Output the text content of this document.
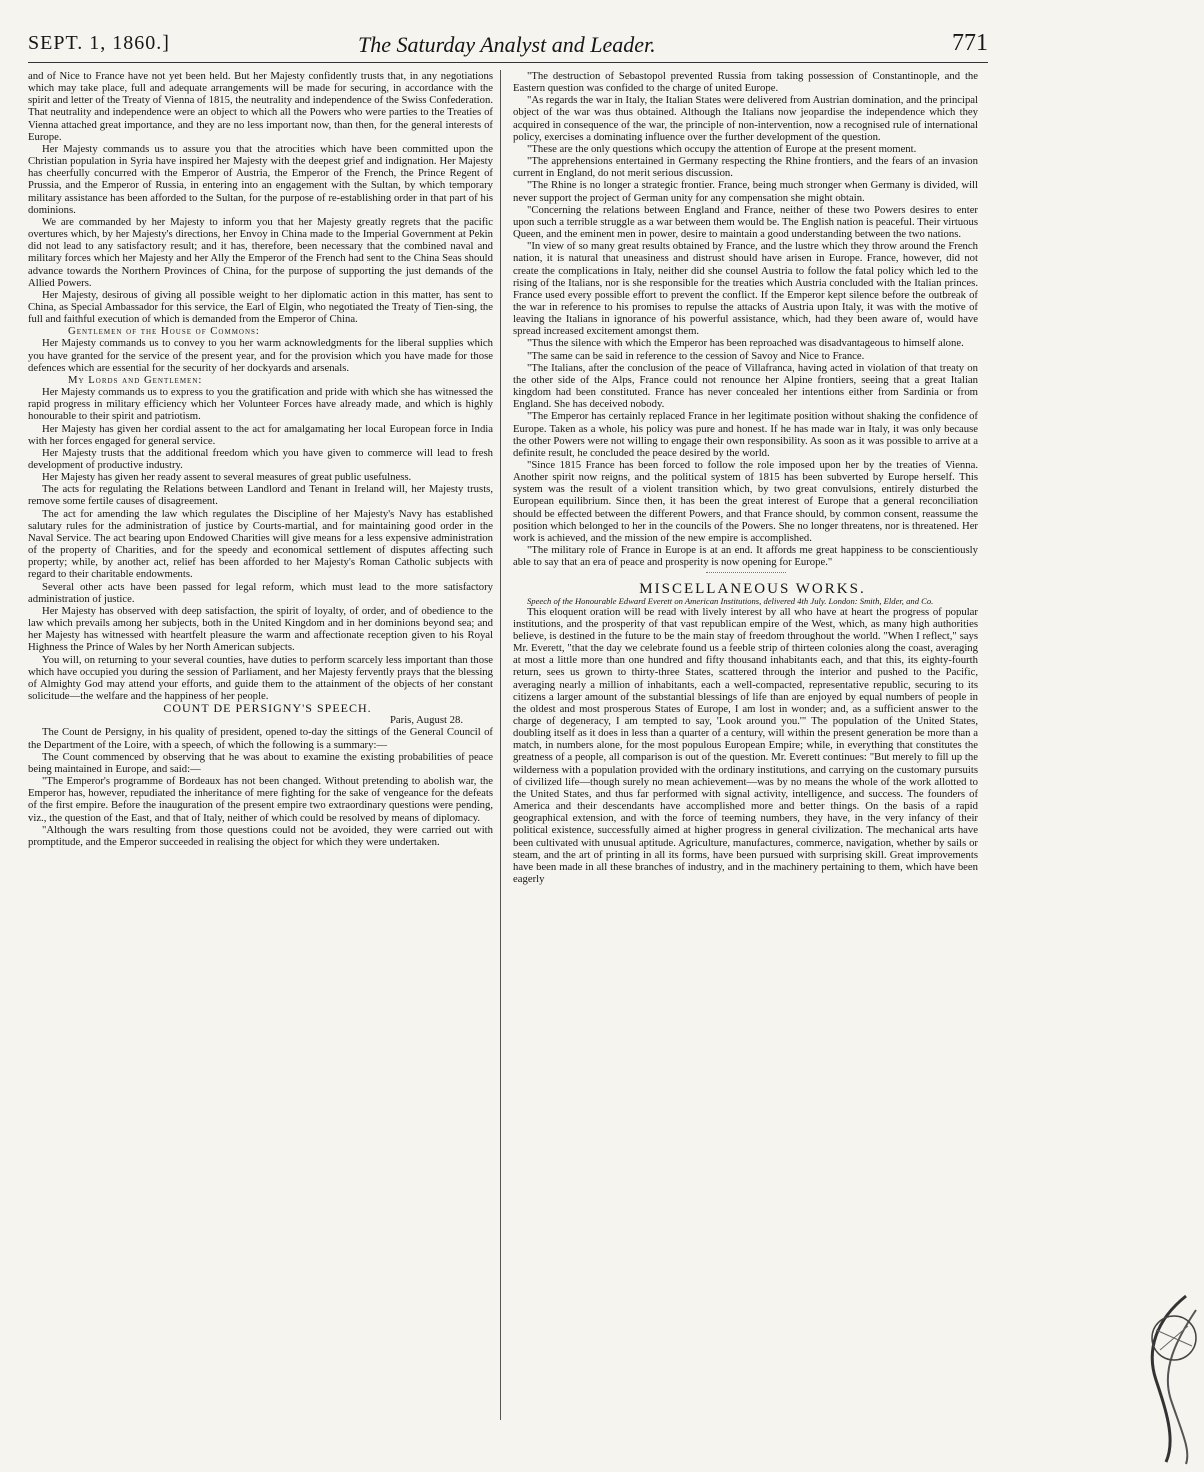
SEPT. 1, 1860.]	The Saturday Analyst and Leader.	771

and of Nice to France have not yet been held. But her Majesty confidently trusts that, in any negotiations which may take place, full and adequate arrangements will be made for securing, in accordance with the spirit and letter of the Treaty of Vienna of 1815, the neutrality and independence of the Swiss Confederation. That neutrality and independence were an object to which all the Powers who were parties to the Treaties of Vienna attached great importance, and they are no less important now, than then, for the general interests of Europe.

Her Majesty commands us to assure you that the atrocities which have been committed upon the Christian population in Syria have inspired her Majesty with the deepest grief and indignation. Her Majesty has cheerfully concurred with the Emperor of Austria, the Emperor of the French, the Prince Regent of Prussia, and the Emperor of Russia, in entering into an engagement with the Sultan, by which temporary military assistance has been afforded to the Sultan, for the purpose of re-establishing order in that part of his dominions.

We are commanded by her Majesty to inform you that her Majesty greatly regrets that the pacific overtures which, by her Majesty's directions, her Envoy in China made to the Imperial Government at Pekin did not lead to any satisfactory result; and it has, therefore, been necessary that the combined naval and military forces which her Majesty and her Ally the Emperor of the French had sent to the China Seas should advance towards the Northern Provinces of China, for the purpose of supporting the just demands of the Allied Powers.

Her Majesty, desirous of giving all possible weight to her diplomatic action in this matter, has sent to China, as Special Ambassador for this service, the Earl of Elgin, who negotiated the Treaty of Tien-sing, the full and faithful execution of which is demanded from the Emperor of China.

Gentlemen of the House of Commons:

Her Majesty commands us to convey to you her warm acknowledgments for the liberal supplies which you have granted for the service of the present year, and for the provision which you have made for those defences which are essential for the security of her dockyards and arsenals.

My Lords and Gentlemen:

Her Majesty commands us to express to you the gratification and pride with which she has witnessed the rapid progress in military efficiency which her Volunteer Forces have already made, and which is highly honourable to their spirit and patriotism.

Her Majesty has given her cordial assent to the act for amalgamating her local European force in India with her forces engaged for general service.

Her Majesty trusts that the additional freedom which you have given to commerce will lead to fresh development of productive industry.

Her Majesty has given her ready assent to several measures of great public usefulness.

The acts for regulating the Relations between Landlord and Tenant in Ireland will, her Majesty trusts, remove some fertile causes of disagreement.

The act for amending the law which regulates the Discipline of her Majesty's Navy has established salutary rules for the administration of justice by Courts-martial, and for maintaining good order in the Naval Service. The act bearing upon Endowed Charities will give means for a less expensive administration of the property of Charities, and for the speedy and economical settlement of disputes affecting such property; while, by another act, relief has been afforded to her Majesty's Roman Catholic subjects with regard to their charitable endowments.

Several other acts have been passed for legal reform, which must lead to the more satisfactory administration of justice.

Her Majesty has observed with deep satisfaction, the spirit of loyalty, of order, and of obedience to the law which prevails among her subjects, both in the United Kingdom and in her dominions beyond sea; and her Majesty has witnessed with heartfelt pleasure the warm and affectionate reception given to his Royal Highness the Prince of Wales by her North American subjects.

You will, on returning to your several counties, have duties to perform scarcely less important than those which have occupied you during the session of Parliament, and her Majesty fervently prays that the blessing of Almighty God may attend your efforts, and guide them to the attainment of the objects of her constant solicitude—the welfare and the happiness of her people.

COUNT DE PERSIGNY'S SPEECH.

Paris, August 28.

The Count de Persigny, in his quality of president, opened to-day the sittings of the General Council of the Department of the Loire, with a speech, of which the following is a summary:—

The Count commenced by observing that he was about to examine the existing probabilities of peace being maintained in Europe, and said:—

"The Emperor's programme of Bordeaux has not been changed. Without pretending to abolish war, the Emperor has, however, repudiated the inheritance of mere fighting for the sake of vengeance for the defeats of the first empire. Before the inauguration of the present empire two extraordinary questions were pending, viz., the question of the East, and that of Italy, neither of which could be resolved by means of diplomacy.

"Although the wars resulting from those questions could not be avoided, they were carried out with promptitude, and the Emperor succeeded in realising the object for which they were undertaken.

"The destruction of Sebastopol prevented Russia from taking possession of Constantinople, and the Eastern question was confided to the charge of united Europe.

"As regards the war in Italy, the Italian States were delivered from Austrian domination, and the principal object of the war was thus obtained. Although the Italians now jeopardise the independence which they acquired in consequence of the war, the principle of non-intervention, now a recognised rule of international policy, exercises a dominating influence over the further development of the question.

"These are the only questions which occupy the attention of Europe at the present moment.

"The apprehensions entertained in Germany respecting the Rhine frontiers, and the fears of an invasion current in England, do not merit serious discussion.

"The Rhine is no longer a strategic frontier. France, being much stronger when Germany is divided, will never support the project of German unity for any compensation she might obtain.

"Concerning the relations between England and France, neither of these two Powers desires to enter upon such a terrible struggle as a war between them would be. The English nation is peaceful. Their virtuous Queen, and the eminent men in power, desire to maintain a good understanding between the two nations.

"In view of so many great results obtained by France, and the lustre which they throw around the French nation, it is natural that uneasiness and distrust should have arisen in Europe. France, however, did not create the complications in Italy, neither did she counsel Austria to follow the fatal policy which led to the rising of the Italians, nor is she responsible for the treaties which Austria concluded with the Italian princes. France used every possible effort to prevent the conflict. If the Emperor kept silence before the outbreak of the war in reference to his promises to repulse the attacks of Austria upon Italy, it was with the motive of leaving the Italians in ignorance of his powerful assistance, which, had they been aware of, would have spread increased excitement amongst them.

"Thus the silence with which the Emperor has been reproached was disadvantageous to himself alone.

"The same can be said in reference to the cession of Savoy and Nice to France.

"The Italians, after the conclusion of the peace of Villafranca, having acted in violation of that treaty on the other side of the Alps, France could not renounce her Alpine frontiers, seeing that a great Italian kingdom had been constituted. France has never concealed her intentions either from Sardinia or from England. She has deceived nobody.

"The Emperor has certainly replaced France in her legitimate position without shaking the confidence of Europe. Taken as a whole, his policy was pure and honest. If he has made war in Italy, it was only because the other Powers were not willing to engage their own responsibility. As soon as it was possible to arrive at a definite result, he concluded the peace desired by the world.

"Since 1815 France has been forced to follow the role imposed upon her by the treaties of Vienna. Another spirit now reigns, and the political system of 1815 has been subverted by Europe herself. This system was the result of a violent transition which, by two great convulsions, entirely disturbed the European equilibrium. Since then, it has been the great interest of Europe that a general reconciliation should be effected between the different Powers, and that France should, by common consent, reassume the position which belonged to her in the councils of the Powers. She no longer threatens, nor is threatened. Her work is achieved, and the mission of the new empire is accomplished.

"The military role of France in Europe is at an end. It affords me great happiness to be conscientiously able to say that an era of peace and prosperity is now opening for Europe."

MISCELLANEOUS WORKS.

Speech of the Honourable Edward Everett on American Institutions, delivered 4th July. London: Smith, Elder, and Co.

This eloquent oration will be read with lively interest by all who have at heart the progress of popular institutions, and the prosperity of that vast republican empire of the West, which, as many high authorities believe, is destined in the future to be the main stay of freedom throughout the world. "When I reflect," says Mr. Everett, "that the day we celebrate found us a feeble strip of thirteen colonies along the coast, averaging at most a little more than one hundred and fifty thousand inhabitants each, and that this, its eighty-fourth return, sees us grown to thirty-three States, scattered through the interior and pushed to the Pacific, averaging nearly a million of inhabitants, each a well-compacted, representative republic, securing to its citizens a larger amount of the substantial blessings of life than are enjoyed by equal numbers of people in the oldest and most prosperous States of Europe, I am lost in wonder; and, as a sufficient answer to the charge of degeneracy, I am tempted to say, 'Look around you.'" The population of the United States, doubling itself as it does in less than a quarter of a century, will within the present generation be more than a match, in numbers alone, for the most populous European Empire; while, in everything that constitutes the greatness of a people, all comparison is out of the question. Mr. Everett continues: "But merely to fill up the wilderness with a population provided with the ordinary institutions, and carrying on the customary pursuits of civilized life—though surely no mean achievement—was by no means the whole of the work allotted to the United States, and thus far performed with signal activity, intelligence, and success. The founders of America and their descendants have accomplished more and better things. On the basis of a rapid geographical extension, and with the force of teeming numbers, they have, in the very infancy of their political existence, successfully aimed at higher progress in general civilization. The mechanical arts have been cultivated with unusual aptitude. Agriculture, manufactures, commerce, navigation, whether by sails or steam, and the art of printing in all its forms, have been pursued with surprising skill. Great improvements have been made in all these branches of industry, and in the machinery pertaining to them, which have been eagerly
